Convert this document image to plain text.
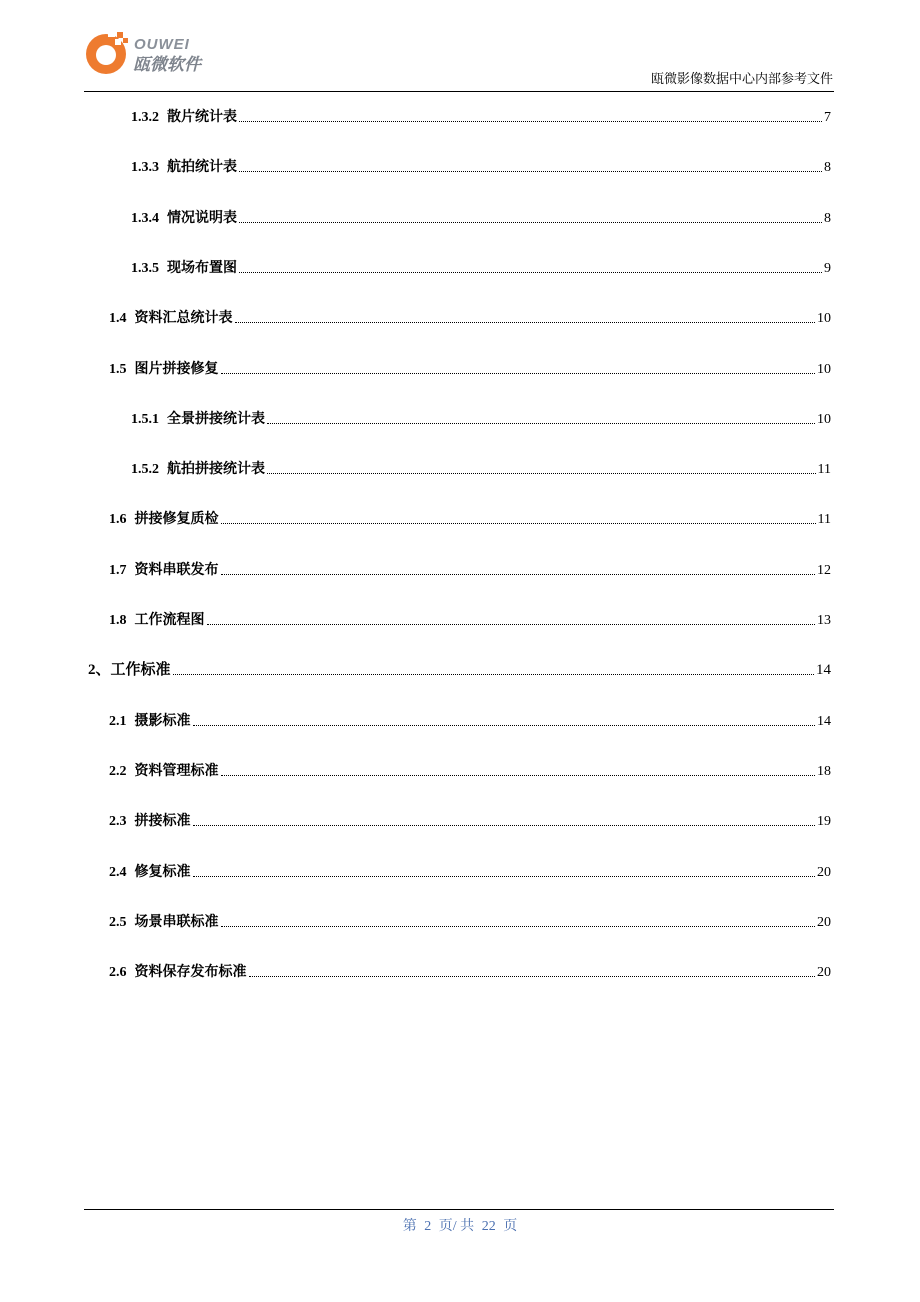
OUWEI
瓯微软件
瓯微影像数据中心内部参考文件
1.3.2 散片统计表	7
1.3.3 航拍统计表	8
1.3.4 情况说明表	8
1.3.5 现场布置图	9
1.4 资料汇总统计表	10
1.5 图片拼接修复	10
1.5.1 全景拼接统计表	10
1.5.2 航拍拼接统计表	11
1.6 拼接修复质检	11
1.7 资料串联发布	12
1.8 工作流程图	13
2、 工作标准	14
2.1 摄影标准	14
2.2 资料管理标准	18
2.3 拼接标准	19
2.4 修复标准	20
2.5 场景串联标准	20
2.6 资料保存发布标准	20
第 2 页/ 共 22 页
